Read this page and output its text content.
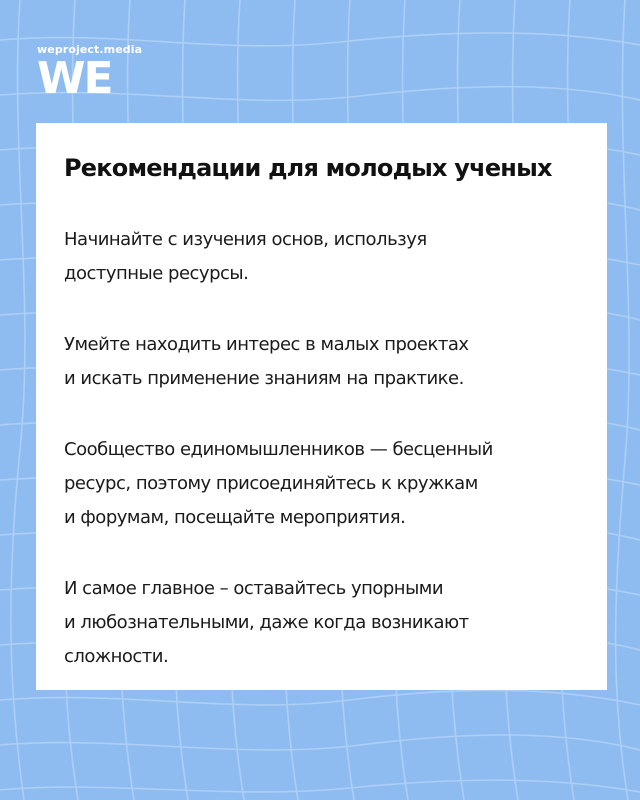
weproject.media
WE
Рекомендации для молодых ученых

Начинайте с изучения основ, используя
доступные ресурсы.

Умейте находить интерес в малых проектах
и искать применение знаниям на практике.

Сообщество единомышленников — бесценный
ресурс, поэтому присоединяйтесь к кружкам
и форумам, посещайте мероприятия.

И самое главное – оставайтесь упорными
и любознательными, даже когда возникают
сложности.
